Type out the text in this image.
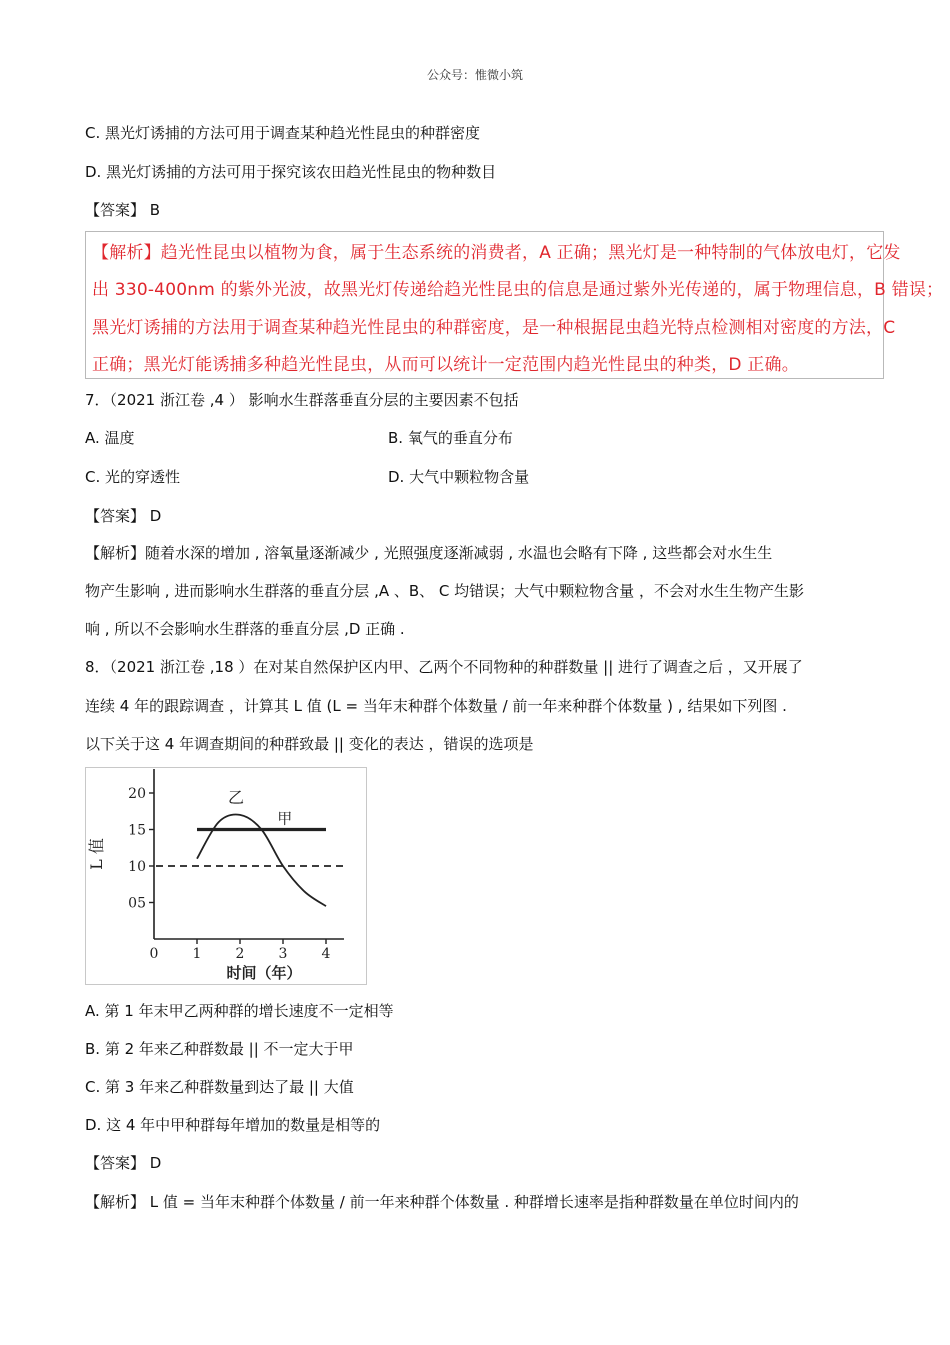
公众号：惟微小筑
C. 黑光灯诱捕的方法可用于调查某种趋光性昆虫的种群密度
D. 黑光灯诱捕的方法可用于探究该农田趋光性昆虫的物种数目
【答案】 B
【解析】趋光性昆虫以植物为食，属于生态系统的消费者，A 正确；黑光灯是一种特制的气体放电灯，它发
出 330-400nm 的紫外光波，故黑光灯传递给趋光性昆虫的信息是通过紫外光传递的，属于物理信息，B 错误；
黑光灯诱捕的方法用于调查某种趋光性昆虫的种群密度，是一种根据昆虫趋光特点检测相对密度的方法，C
正确；黑光灯能诱捕多种趋光性昆虫，从而可以统计一定范围内趋光性昆虫的种类，D 正确。
7．（2021 浙江卷 ,4 ） 影响水生群落垂直分层的主要因素不包括
A. 温度	B. 氧气的垂直分布
C. 光的穿透性	D. 大气中颗粒物含量
【答案】 D
【解析】随着水深的增加 , 溶氧量逐渐减少 , 光照强度逐渐减弱 , 水温也会略有下降 , 这些都会对水生生
物产生影响 , 进而影响水生群落的垂直分层 ,A 、B、 C 均错误；大气中颗粒物含量 ，不会对水生生物产生影
响 , 所以不会影响水生群落的垂直分层 ,D 正确 .
8．（2021 浙江卷 ,18 ）在对某自然保护区内甲、乙两个不同物种的种群数量 || 进行了调查之后 ，又开展了
连续 4 年的跟踪调查 ，计算其 L 值 (L = 当年末种群个体数量 / 前一年来种群个体数量 ) , 结果如下列图 .
以下关于这 4 年调查期间的种群致最 || 变化的表达 ，错误的选项是
20
15
10
05
0 1 2 3 4
甲
乙
L 值
时间（年）
A. 第 1 年末甲乙两种群的增长速度不一定相等
B. 第 2 年来乙种群数最 || 不一定大于甲
C. 第 3 年来乙种群数量到达了最 || 大值
D. 这 4 年中甲种群每年增加的数量是相等的
【答案】 D
【解析】 L 值 = 当年末种群个体数量 / 前一年来种群个体数量 . 种群增长速率是指种群数量在单位时间内的
